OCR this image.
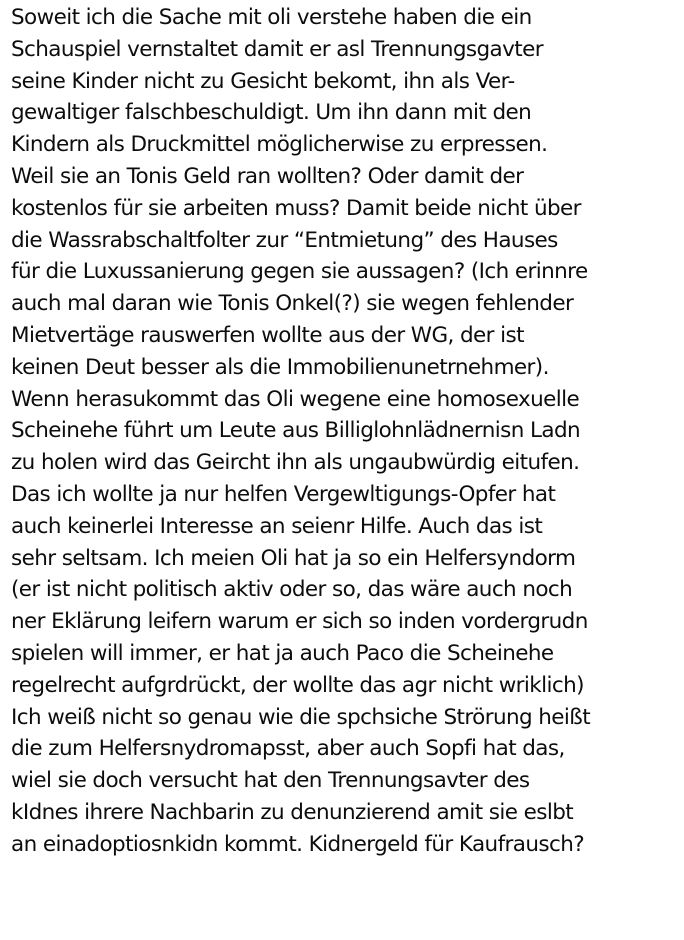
Soweit ich die Sache mit oli verstehe haben die ein
Schauspiel vernstaltet damit er asl Trennungsgavter
seine Kinder nicht zu Gesicht bekomt, ihn als Ver-
gewaltiger falschbeschuldigt. Um ihn dann mit den
Kindern als Druckmittel möglicherwise zu erpressen.
Weil sie an Tonis Geld ran wollten? Oder damit der
kostenlos für sie arbeiten muss? Damit beide nicht über
die Wassrabschaltfolter zur “Entmietung” des Hauses
für die Luxussanierung gegen sie aussagen? (Ich erinnre
auch mal daran wie Tonis Onkel(?) sie wegen fehlender
Mietvertäge rauswerfen wollte aus der WG, der ist
keinen Deut besser als die Immobilienunetrnehmer).
Wenn herasukommt das Oli wegene eine homosexuelle
Scheinehe führt um Leute aus Billiglohnlädnernisn Ladn
zu holen wird das Geircht ihn als ungaubwürdig eitufen.
Das ich wollte ja nur helfen Vergewltigungs-Opfer hat
auch keinerlei Interesse an seienr Hilfe. Auch das ist
sehr seltsam. Ich meien Oli hat ja so ein Helfersyndorm
(er ist nicht politisch aktiv oder so, das wäre auch noch
ner Eklärung leifern warum er sich so inden vordergrudn
spielen will immer, er hat ja auch Paco die Scheinehe
regelrecht aufgrdrückt, der wollte das agr nicht wriklich)
Ich weiß nicht so genau wie die spchsiche Strörung heißt
die zum Helfersnydromapsst, aber auch Sopfi hat das,
wiel sie doch versucht hat den Trennungsavter des
kIdnes ihrere Nachbarin zu denunzierend amit sie eslbt
an einadoptiosnkidn kommt. Kidnergeld für Kaufrausch?
